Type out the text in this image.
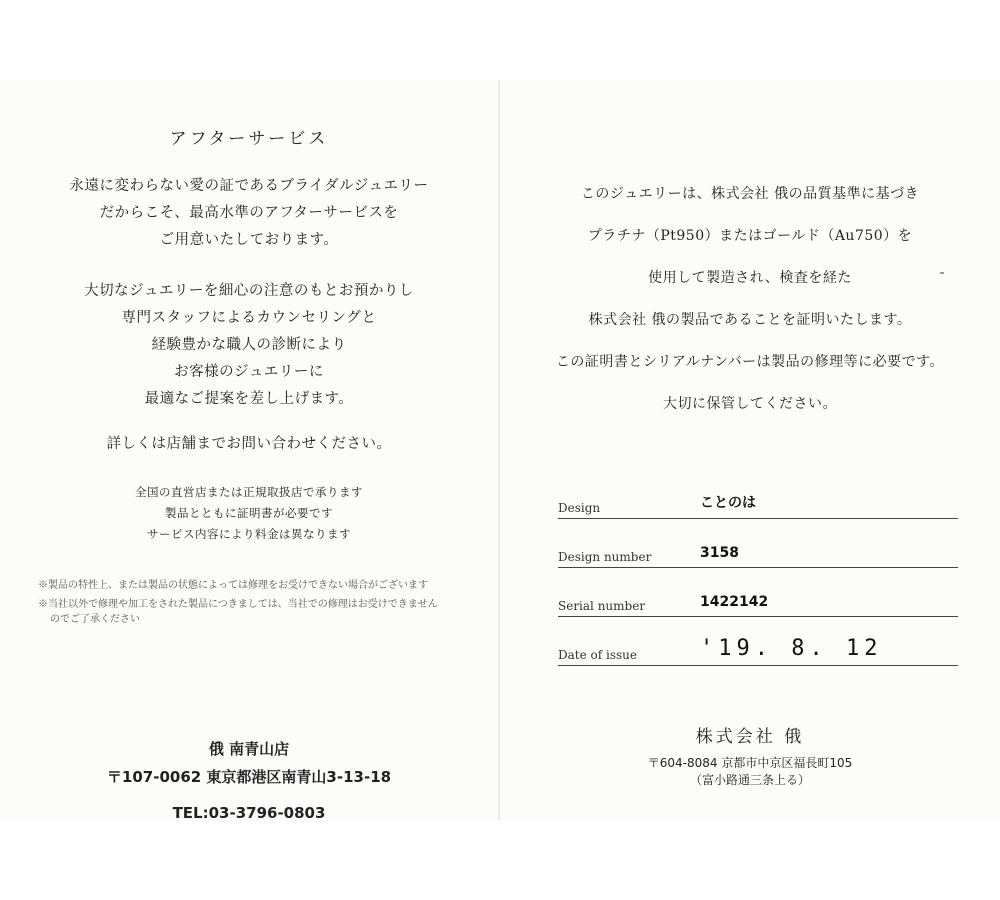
アフターサービス
永遠に変わらない愛の証であるブライダルジュエリー
だからこそ、最高水準のアフターサービスを
ご用意いたしております。
大切なジュエリーを細心の注意のもとお預かりし
専門スタッフによるカウンセリングと
経験豊かな職人の診断により
お客様のジュエリーに
最適なご提案を差し上げます。
詳しくは店舗までお問い合わせください。
全国の直営店または正規取扱店で承ります
製品とともに証明書が必要です
サービス内容により料金は異なります
※製品の特性上、または製品の状態によっては修理をお受けできない場合がございます
※当社以外で修理や加工をされた製品につきましては、当社での修理はお受けできませんのでご了承ください
俄 南青山店
〒107-0062 東京都港区南青山3-13-18
TEL:03-3796-0803
このジュエリーは、株式会社 俄の品質基準に基づき
プラチナ（Pt950）またはゴールド（Au750）を
使用して製造され、検査を経た
株式会社 俄の製品であることを証明いたします。
この証明書とシリアルナンバーは製品の修理等に必要です。
大切に保管してください。
Design	ことのは
Design number	3158
Serial number	1422142
Date of issue	'19. 8. 12
株式会社 俄
〒604-8084 京都市中京区福長町105
（富小路通三条上る）
